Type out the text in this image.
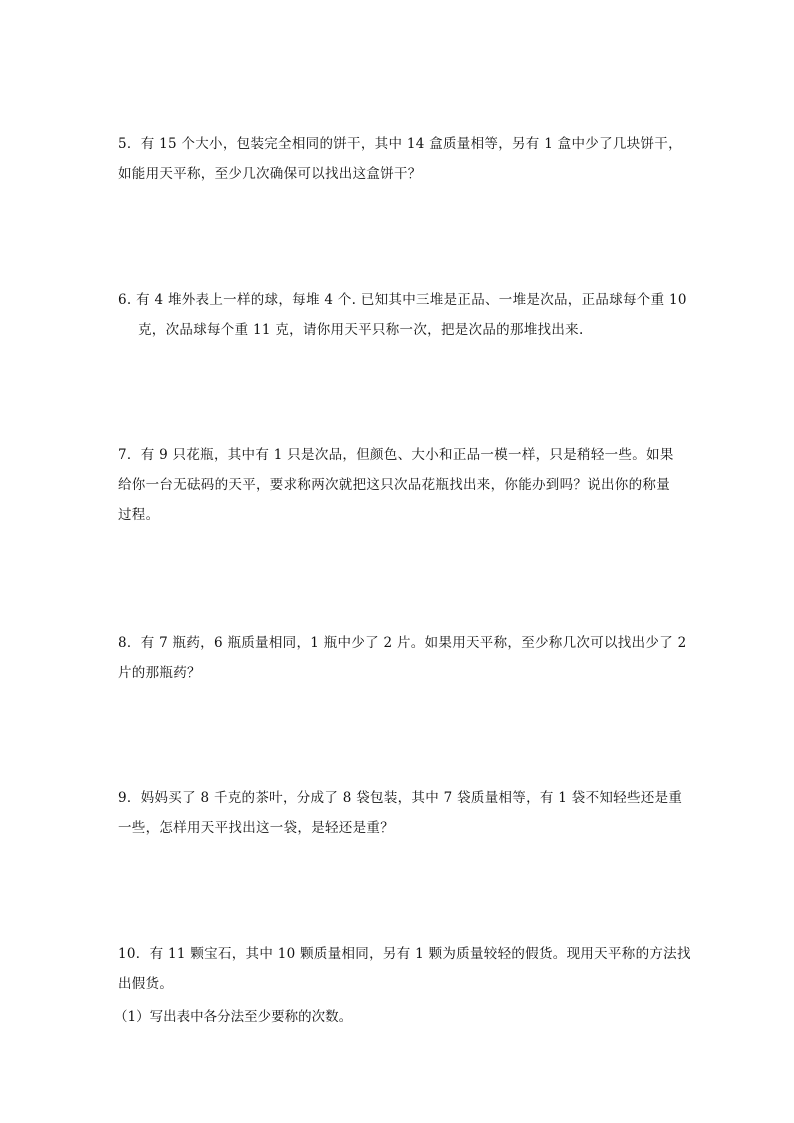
5．有 15 个大小，包装完全相同的饼干，其中 14 盒质量相等，另有 1 盒中少了几块饼干，
如能用天平称，至少几次确保可以找出这盒饼干？
6. 有 4 堆外表上一样的球，每堆 4 个. 已知其中三堆是正品、一堆是次品，正品球每个重 10
克，次品球每个重 11 克，请你用天平只称一次，把是次品的那堆找出来.
7．有 9 只花瓶，其中有 1 只是次品，但颜色、大小和正品一模一样，只是稍轻一些。如果
给你一台无砝码的天平，要求称两次就把这只次品花瓶找出来，你能办到吗？说出你的称量
过程。
8．有 7 瓶药，6 瓶质量相同，1 瓶中少了 2 片。如果用天平称，至少称几次可以找出少了 2
片的那瓶药？
9．妈妈买了 8 千克的茶叶，分成了 8 袋包装，其中 7 袋质量相等，有 1 袋不知轻些还是重
一些，怎样用天平找出这一袋，是轻还是重？
10．有 11 颗宝石，其中 10 颗质量相同，另有 1 颗为质量较轻的假货。现用天平称的方法找
出假货。
（1）写出表中各分法至少要称的次数。
